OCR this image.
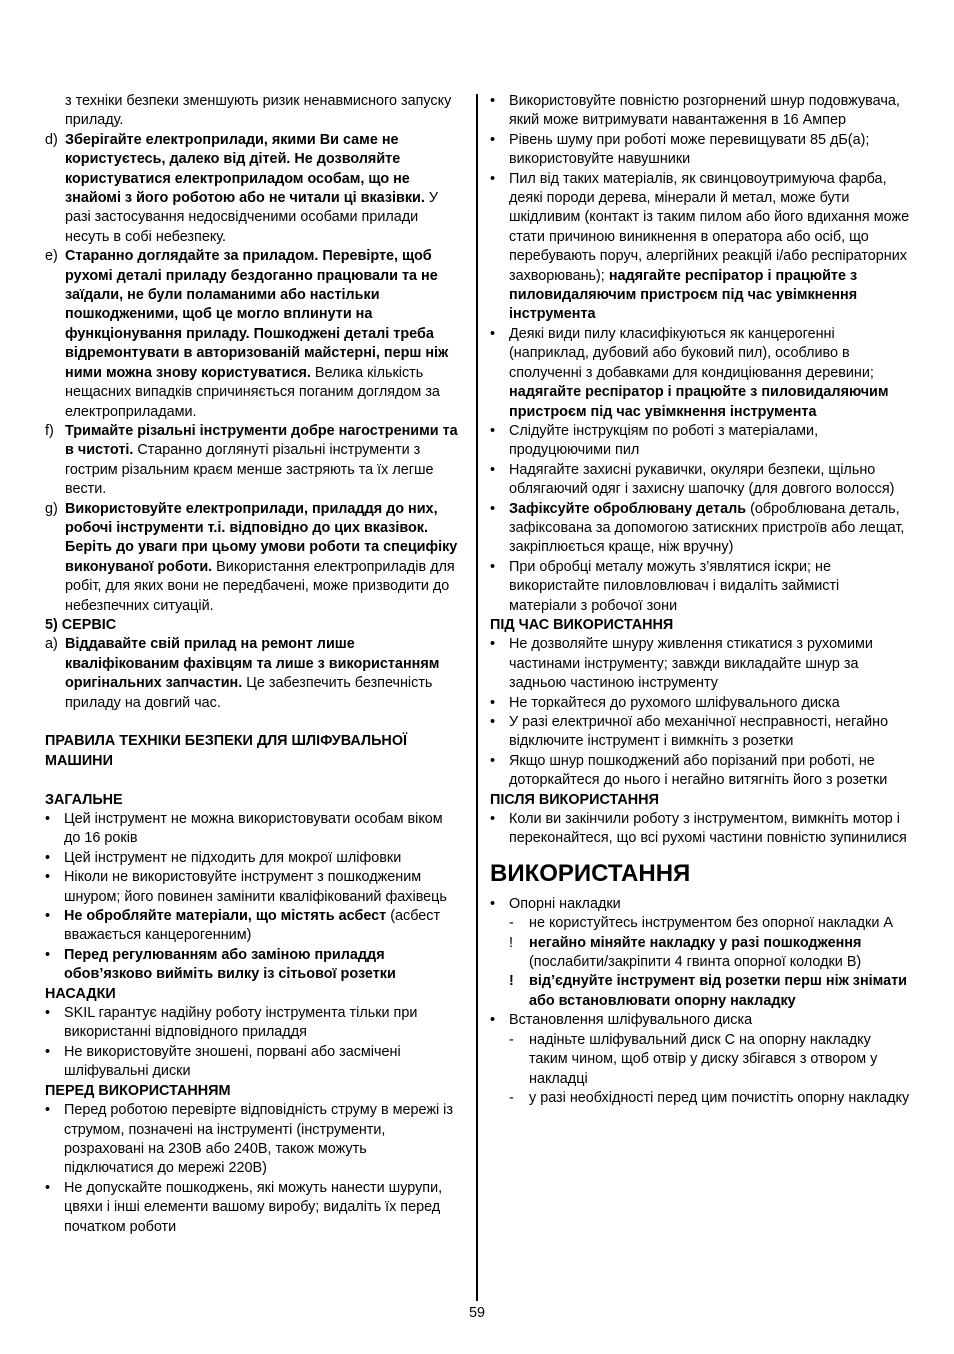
з техніки безпеки зменшують ризик ненавмисного запуску приладу.
d) Зберігайте електроприлади, якими Ви саме не користуєтесь, далеко від дітей. Не дозволяйте користуватися електроприладом особам, що не знайомі з його роботою або не читали ці вказівки. У разі застосування недосвідченими особами прилади несуть в собі небезпеку.
e) Старанно доглядайте за приладом. Перевірте, щоб рухомі деталі приладу бездоганно працювали та не заїдали, не були поламаними або настільки пошкодженими, щоб це могло вплинути на функціонування приладу. Пошкоджені деталі треба відремонтувати в авторизованій майстерні, перш ніж ними можна знову користуватися. Велика кількість нещасних випадків спричиняється поганим доглядом за електроприладами.
f) Тримайте різальні інструменти добре нагостреними та в чистоті. Старанно доглянуті різальні інструменти з гострим різальним краєм менше застряють та їх легше вести.
g) Використовуйте електроприлади, приладдя до них, робочі інструменти т.і. відповідно до цих вказівок. Беріть до уваги при цьому умови роботи та специфіку виконуваної роботи. Використання електроприладів для робіт, для яких вони не передбачені, може призводити до небезпечних ситуацій.
5) СЕРВІС
a) Віддавайте свій прилад на ремонт лише кваліфікованим фахівцям та лише з використанням оригінальних запчастин. Це забезпечить безпечність приладу на довгий час.
ПРАВИЛА ТЕХНІКИ БЕЗПЕКИ ДЛЯ ШЛІФУВАЛЬНОЇ МАШИНИ
ЗАГАЛЬНЕ
• Цей інструмент не можна використовувати особам віком до 16 років
• Цей інструмент не підходить для мокрої шліфовки
• Ніколи не використовуйте інструмент з пошкодженим шнуром; його повинен замінити кваліфікований фахівець
• Не обробляйте матеріали, що містять асбест (асбест вважається канцерогенним)
• Перед регулюванням або заміною приладдя обов’язково вийміть вилку із сітьової розетки
НАСАДКИ
• SKIL гарантує надійну роботу інструмента тільки при використанні відповідного приладдя
• Не використовуйте зношені, порвані або засмічені шліфувальні диски
ПЕРЕД ВИКОРИСТАННЯМ
• Перед роботою перевірте відповідність струму в мережі із струмом, позначені на інструменті (інструменти, розраховані на 230В або 240В, також можуть підключатися до мережі 220В)
• Не допускайте пошкоджень, які можуть нанести шурупи, цвяхи і інші елементи вашому виробу; видаліть їх перед початком роботи
• Використовуйте повністю розгорнений шнур подовжувача, який може витримувати навантаження в 16 Ампер
• Рівень шуму при роботі може перевищувати 85 дБ(а); використовуйте навушники
• Пил від таких матеріалів, як свинцовоутримуюча фарба, деякі породи дерева, мінерали й метал, може бути шкідливим (контакт із таким пилом або його вдихання може стати причиною виникнення в оператора або осіб, що перебувають поруч, алергійних реакцій і/або респіраторних захворювань); надягайте респіратор і працюйте з пиловидаляючим пристроєм під час увімкнення інструмента
• Деякі види пилу класифікуються як канцерогенні (наприклад, дубовий або буковий пил), особливо в сполученні з добавками для кондиціювання деревини; надягайте респіратор і працюйте з пиловидаляючим пристроєм під час увімкнення інструмента
• Слідуйте інструкціям по роботі з матеріалами, продуцюючими пил
• Надягайте захисні рукавички, окуляри безпеки, щільно облягаючий одяг і захисну шапочку (для довгого волосся)
• Зафіксуйте оброблювану деталь (оброблювана деталь, зафіксована за допомогою затискних пристроїв або лещат, закріплюється краще, ніж вручну)
• При обробці металу можуть з’являтися іскри; не використайте пиловловлювач і видаліть займисті матеріали з робочої зони
ПІД ЧАС ВИКОРИСТАННЯ
• Не дозволяйте шнуру живлення стикатися з рухомими частинами інструменту; завжди викладайте шнур за задньою частиною інструменту
• Не торкайтеся до рухомого шліфувального диска
• У разі електричної або механічної несправності, негайно відключите інструмент і вимкніть з розетки
• Якщо шнур пошкоджений або порізаний при роботі, не доторкайтеся до нього і негайно витягніть його з розетки
ПІСЛЯ ВИКОРИСТАННЯ
• Коли ви закінчили роботу з інструментом, вимкніть мотор і переконайтеся, що всі рухомі частини повністю зупинилися
ВИКОРИСТАННЯ
• Опорні накладки
-	не користуйтесь інструментом без опорної накладки A
!	негайно міняйте накладку у разі пошкодження (послабити/закріпити 4 гвинта опорної колодки B)
!	від’єднуйте інструмент від розетки перш ніж знімати або встановлювати опорну накладку
• Встановлення шліфувального диска
-	надіньте шліфувальний диск C на опорну накладку таким чином, щоб отвір у диску збігався з отвором у накладці
-	у разі необхідності перед цим почистіть опорну накладку
59
